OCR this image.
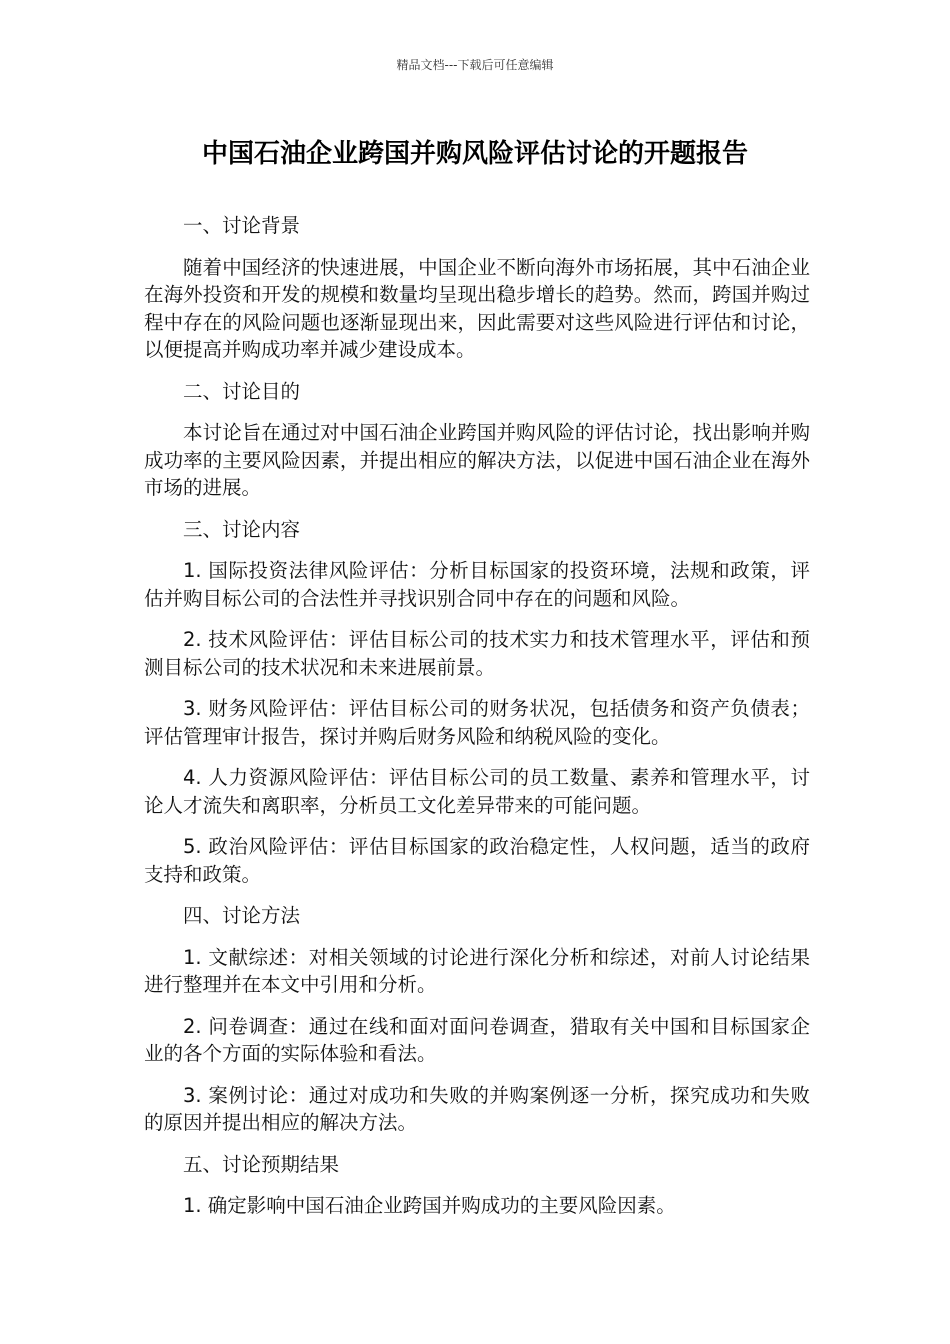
精品文档---下载后可任意编辑
中国石油企业跨国并购风险评估讨论的开题报告

一、讨论背景

随着中国经济的快速进展，中国企业不断向海外市场拓展，其中石油企业在海外投资和开发的规模和数量均呈现出稳步增长的趋势。然而，跨国并购过程中存在的风险问题也逐渐显现出来，因此需要对这些风险进行评估和讨论，以便提高并购成功率并减少建设成本。

二、讨论目的

本讨论旨在通过对中国石油企业跨国并购风险的评估讨论，找出影响并购成功率的主要风险因素，并提出相应的解决方法，以促进中国石油企业在海外市场的进展。

三、讨论内容

1. 国际投资法律风险评估：分析目标国家的投资环境，法规和政策，评估并购目标公司的合法性并寻找识别合同中存在的问题和风险。

2. 技术风险评估：评估目标公司的技术实力和技术管理水平，评估和预测目标公司的技术状况和未来进展前景。

3. 财务风险评估：评估目标公司的财务状况，包括债务和资产负债表；评估管理审计报告，探讨并购后财务风险和纳税风险的变化。

4. 人力资源风险评估：评估目标公司的员工数量、素养和管理水平，讨论人才流失和离职率，分析员工文化差异带来的可能问题。

5. 政治风险评估：评估目标国家的政治稳定性，人权问题，适当的政府支持和政策。

四、讨论方法

1. 文献综述：对相关领域的讨论进行深化分析和综述，对前人讨论结果进行整理并在本文中引用和分析。

2. 问卷调查：通过在线和面对面问卷调查，猎取有关中国和目标国家企业的各个方面的实际体验和看法。

3. 案例讨论：通过对成功和失败的并购案例逐一分析，探究成功和失败的原因并提出相应的解决方法。

五、讨论预期结果

1. 确定影响中国石油企业跨国并购成功的主要风险因素。
